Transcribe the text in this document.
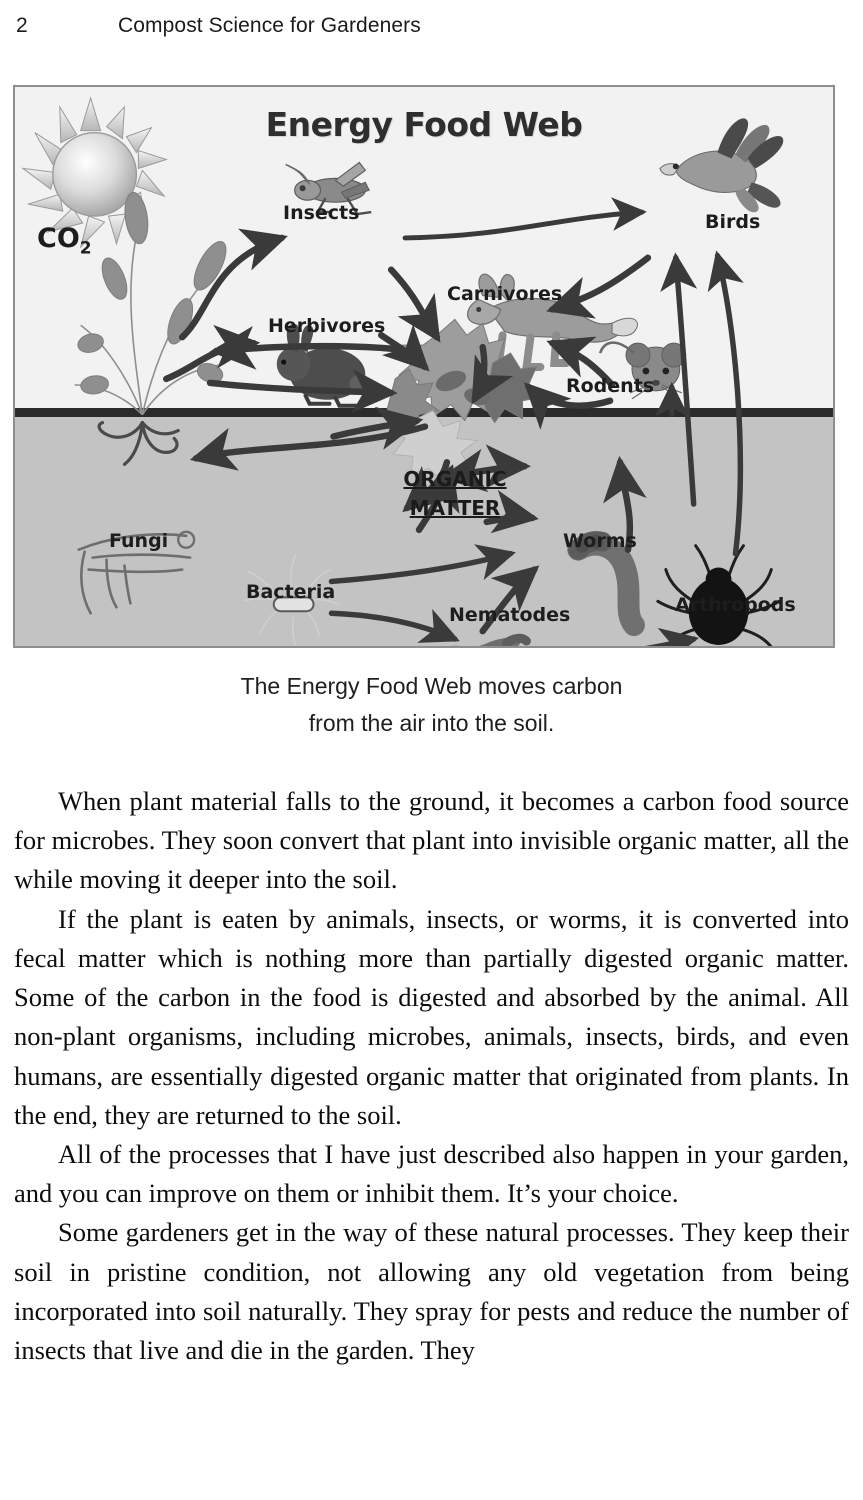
2	Compost Science for Gardeners
Energy Food Web
$CO_2$
Insects
Herbivores
Carnivores
Birds
Rodents
ORGANIC
MATTER
Fungi
Bacteria
Nematodes
Worms
Arthropods
The Energy Food Web moves carbon
from the air into the soil.

When plant material falls to the ground, it becomes a carbon food source for microbes. They soon convert that plant into invisible organic matter, all the while moving it deeper into the soil.

If the plant is eaten by animals, insects, or worms, it is converted into fecal matter which is nothing more than partially digested organic matter. Some of the carbon in the food is digested and absorbed by the animal. All non-plant organisms, including microbes, animals, insects, birds, and even humans, are essentially digested organic matter that originated from plants. In the end, they are returned to the soil.

All of the processes that I have just described also happen in your garden, and you can improve on them or inhibit them. It’s your choice.

Some gardeners get in the way of these natural processes. They keep their soil in pristine condition, not allowing any old vegetation from being incorporated into soil naturally. They spray for pests and reduce the number of insects that live and die in the garden. They
